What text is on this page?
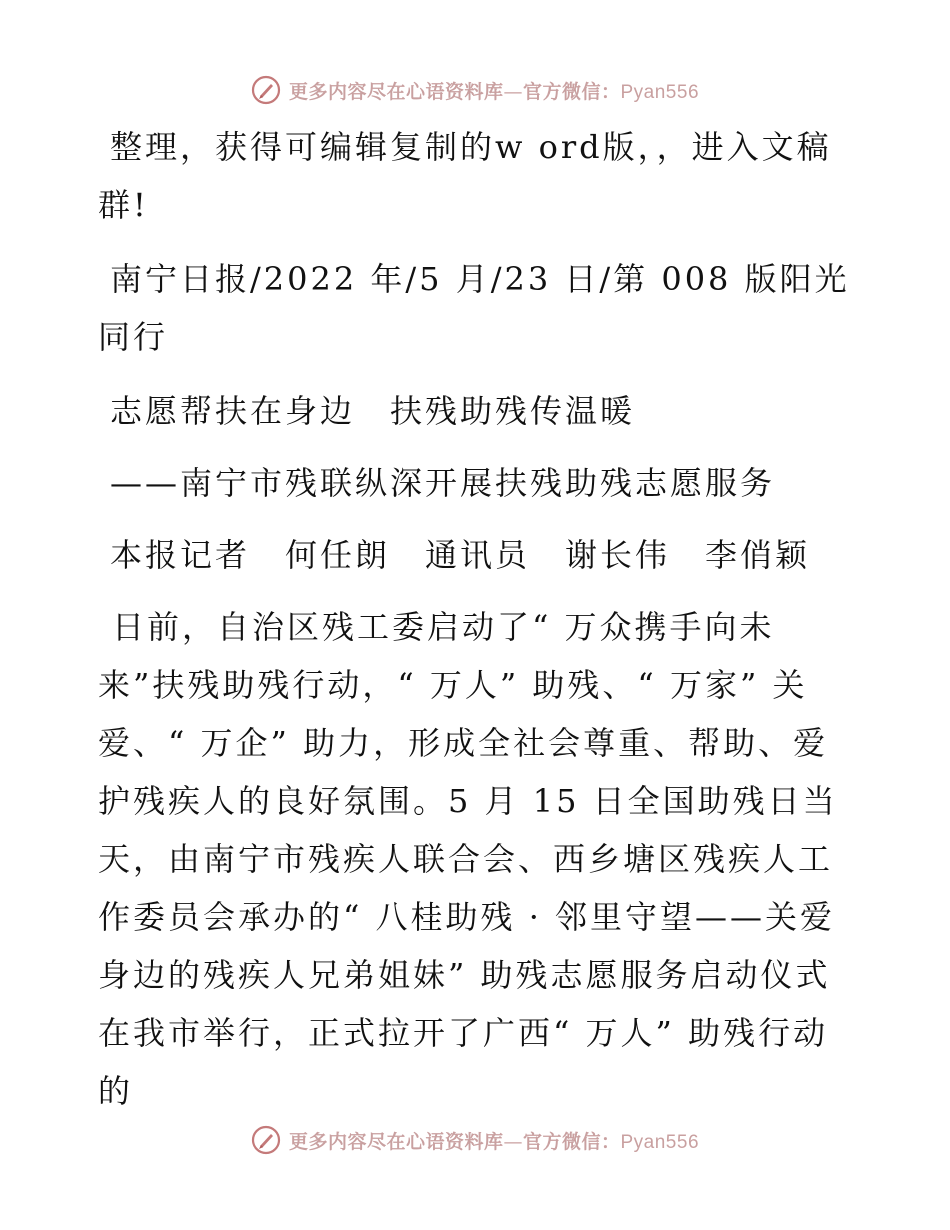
更多内容尽在心语资料库—官方微信：Pyan556

整理，获得可编辑复制的w ord版，，进入文稿群!

南宁日报/2022 年/5 月/23 日/第 008 版阳光同行

志愿帮扶在身边　扶残助残传温暖

——南宁市残联纵深开展扶残助残志愿服务

本报记者　何任朗　通讯员　谢长伟　李俏颖

日前，自治区残工委启动了“ 万众携手向未来”扶残助残行动，“ 万人” 助残、“ 万家” 关爱、“ 万企” 助力，形成全社会尊重、帮助、爱护残疾人的良好氛围。5 月 15 日全国助残日当天，由南宁市残疾人联合会、西乡塘区残疾人工作委员会承办的“ 八桂助残 · 邻里守望——关爱身边的残疾人兄弟姐妹” 助残志愿服务启动仪式在我市举行，正式拉开了广西“ 万人” 助残行动的

更多内容尽在心语资料库—官方微信：Pyan556
